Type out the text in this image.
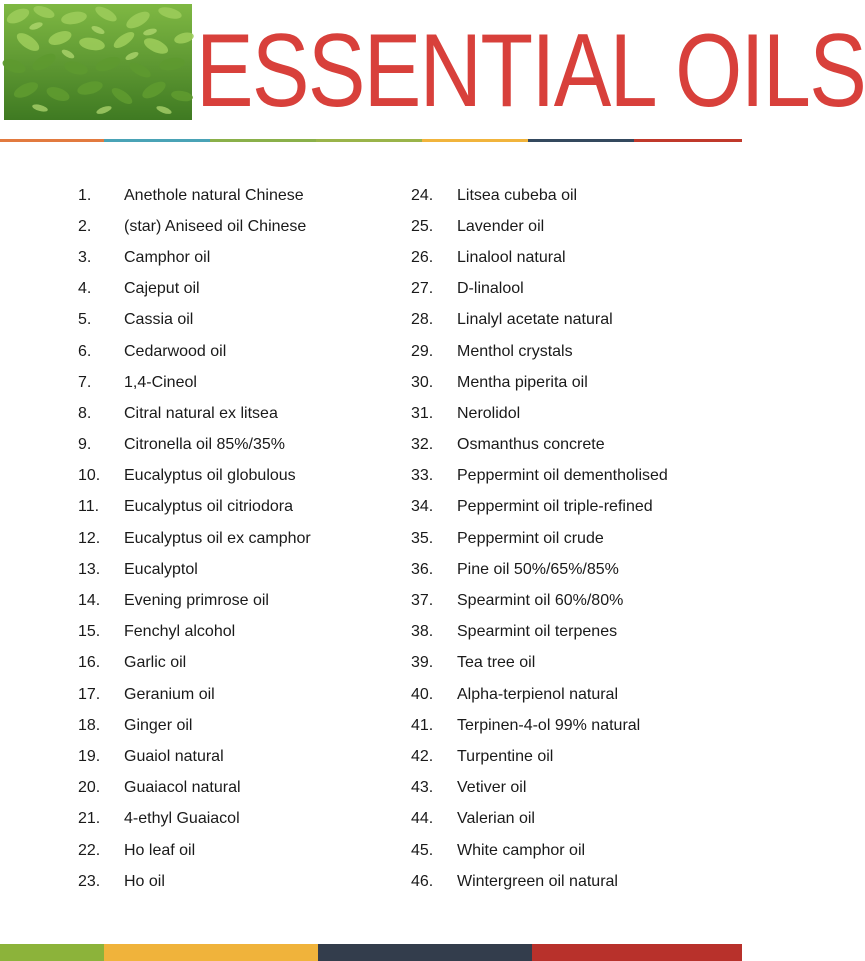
ESSENTIAL OILS
1.	Anethole natural Chinese
2.	(star) Aniseed oil Chinese
3.	Camphor oil
4.	Cajeput oil
5.	Cassia oil
6.	Cedarwood oil
7.	1,4-Cineol
8.	Citral natural ex litsea
9.	Citronella oil 85%/35%
10.	Eucalyptus oil globulous
11.	Eucalyptus oil citriodora
12.	Eucalyptus oil ex camphor
13.	Eucalyptol
14.	Evening primrose oil
15.	Fenchyl alcohol
16.	Garlic oil
17.	Geranium oil
18.	Ginger oil
19.	Guaiol natural
20.	Guaiacol natural
21.	4-ethyl Guaiacol
22.	Ho leaf oil
23.	Ho oil
24.	Litsea cubeba oil
25.	Lavender oil
26.	Linalool natural
27.	D-linalool
28.	Linalyl acetate natural
29.	Menthol crystals
30.	Mentha piperita oil
31.	Nerolidol
32.	Osmanthus concrete
33.	Peppermint oil dementholised
34.	Peppermint oil triple-refined
35.	Peppermint oil crude
36.	Pine oil 50%/65%/85%
37.	Spearmint oil 60%/80%
38.	Spearmint oil terpenes
39.	Tea tree oil
40.	Alpha-terpienol natural
41.	Terpinen-4-ol 99% natural
42.	Turpentine oil
43.	Vetiver oil
44.	Valerian oil
45.	White camphor oil
46.	Wintergreen oil natural
